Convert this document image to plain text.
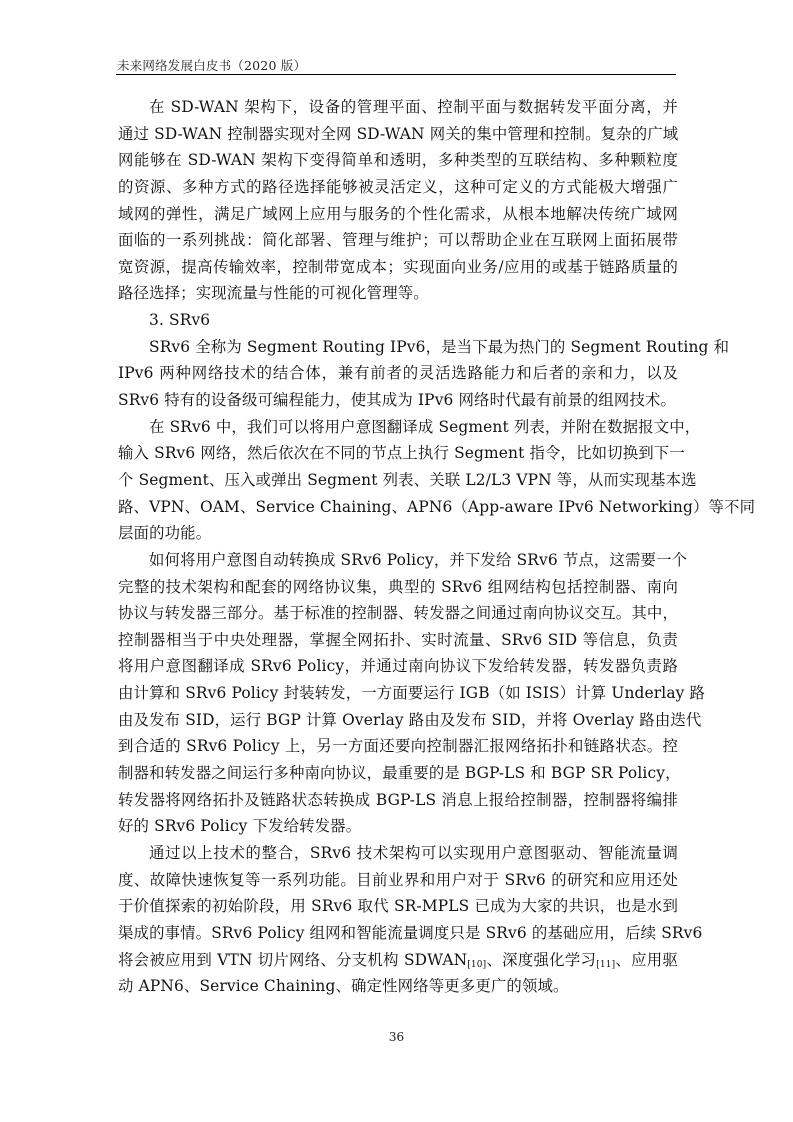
未来网络发展白皮书（2020 版）
在 SD-WAN 架构下，设备的管理平面、控制平面与数据转发平面分离，并
通过 SD-WAN 控制器实现对全网 SD-WAN 网关的集中管理和控制。复杂的广域
网能够在 SD-WAN 架构下变得简单和透明，多种类型的互联结构、多种颗粒度
的资源、多种方式的路径选择能够被灵活定义，这种可定义的方式能极大增强广
域网的弹性，满足广域网上应用与服务的个性化需求，从根本地解决传统广域网
面临的一系列挑战：简化部署、管理与维护；可以帮助企业在互联网上面拓展带
宽资源，提高传输效率，控制带宽成本；实现面向业务/应用的或基于链路质量的
路径选择；实现流量与性能的可视化管理等。
3. SRv6
SRv6 全称为 Segment Routing IPv6，是当下最为热门的 Segment Routing 和
IPv6 两种网络技术的结合体，兼有前者的灵活选路能力和后者的亲和力，以及
SRv6 特有的设备级可编程能力，使其成为 IPv6 网络时代最有前景的组网技术。
在 SRv6 中，我们可以将用户意图翻译成 Segment 列表，并附在数据报文中，
输入 SRv6 网络，然后依次在不同的节点上执行 Segment 指令，比如切换到下一
个 Segment、压入或弹出 Segment 列表、关联 L2/L3 VPN 等，从而实现基本选
路、VPN、OAM、Service Chaining、APN6（App-aware IPv6 Networking）等不同
层面的功能。
如何将用户意图自动转换成 SRv6 Policy，并下发给 SRv6 节点，这需要一个
完整的技术架构和配套的网络协议集，典型的 SRv6 组网结构包括控制器、南向
协议与转发器三部分。基于标准的控制器、转发器之间通过南向协议交互。其中，
控制器相当于中央处理器，掌握全网拓扑、实时流量、SRv6 SID 等信息，负责
将用户意图翻译成 SRv6 Policy，并通过南向协议下发给转发器，转发器负责路
由计算和 SRv6 Policy 封装转发，一方面要运行 IGB（如 ISIS）计算 Underlay 路
由及发布 SID，运行 BGP 计算 Overlay 路由及发布 SID，并将 Overlay 路由迭代
到合适的 SRv6 Policy 上，另一方面还要向控制器汇报网络拓扑和链路状态。控
制器和转发器之间运行多种南向协议，最重要的是 BGP-LS 和 BGP SR Policy，
转发器将网络拓扑及链路状态转换成 BGP-LS 消息上报给控制器，控制器将编排
好的 SRv6 Policy 下发给转发器。
通过以上技术的整合，SRv6 技术架构可以实现用户意图驱动、智能流量调
度、故障快速恢复等一系列功能。目前业界和用户对于 SRv6 的研究和应用还处
于价值探索的初始阶段，用 SRv6 取代 SR-MPLS 已成为大家的共识，也是水到
渠成的事情。SRv6 Policy 组网和智能流量调度只是 SRv6 的基础应用，后续 SRv6
将会被应用到 VTN 切片网络、分支机构 $SDWAN_{[10]}$、深度强化学习$_{[11]}$、应用驱
动 APN6、Service Chaining、确定性网络等更多更广的领域。
36
